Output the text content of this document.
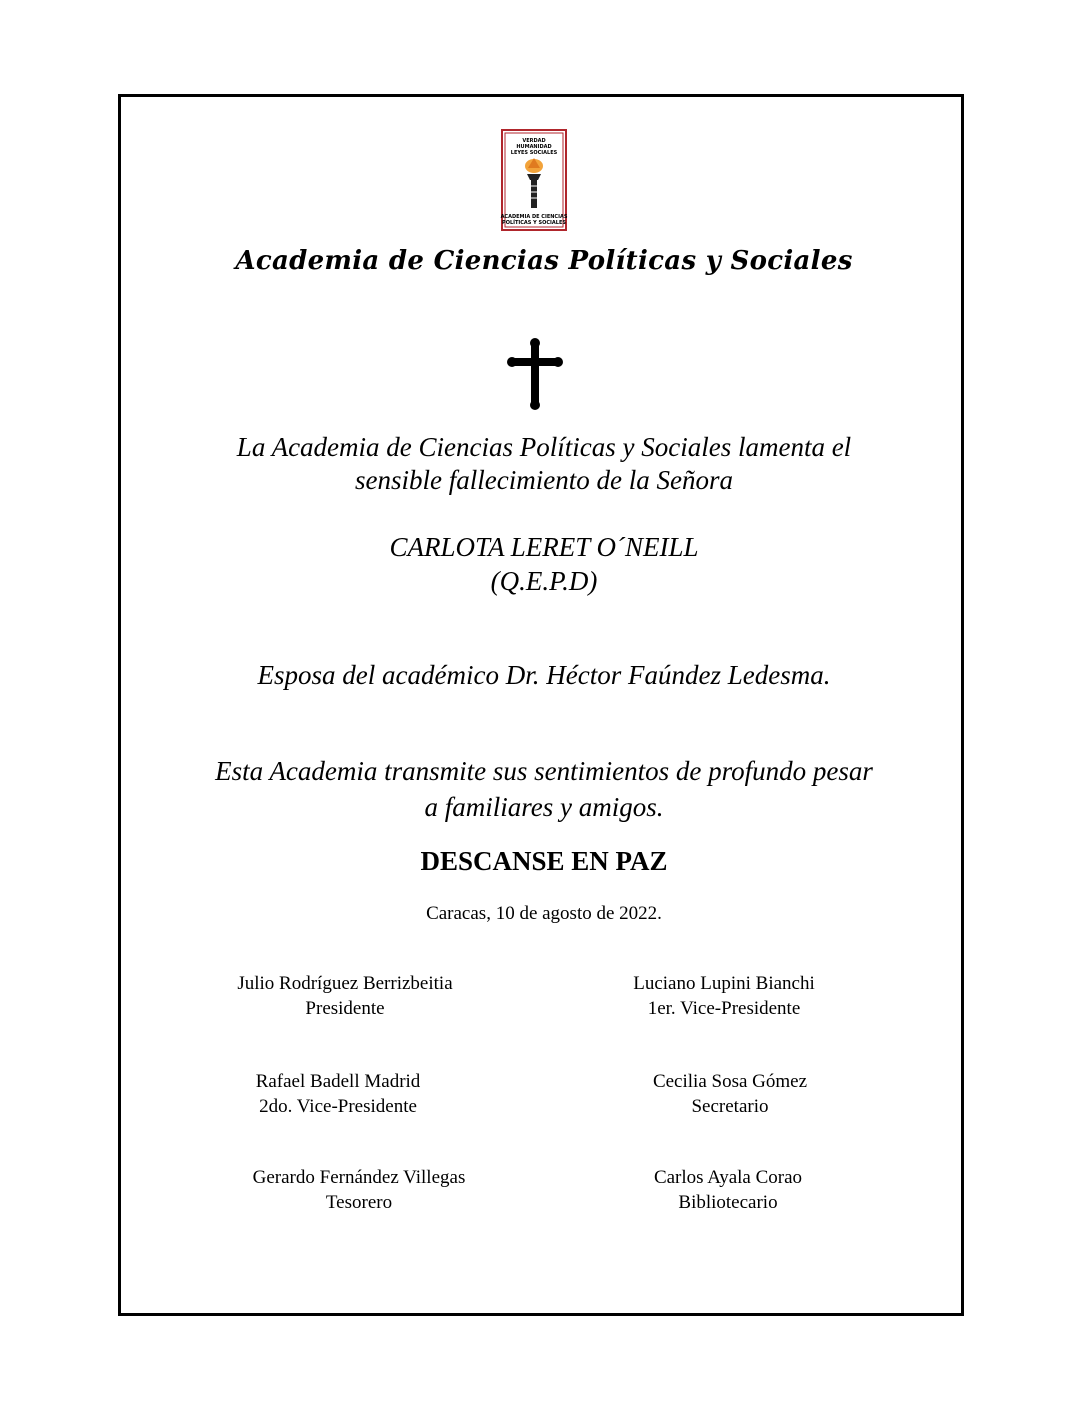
VERDAD
HUMANIDAD
LEYES SOCIALES
ACADEMIA DE CIENCIAS
POLÍTICAS Y SOCIALES
Academia de Ciencias Políticas y Sociales
La Academia de Ciencias Políticas y Sociales lamenta el
sensible fallecimiento de la Señora
CARLOTA LERET O´NEILL
(Q.E.P.D)
Esposa del académico Dr. Héctor Faúndez Ledesma.
Esta Academia transmite sus sentimientos de profundo pesar
a familiares y amigos.
DESCANSE EN PAZ
Caracas, 10 de agosto de 2022.
Julio Rodríguez Berrizbeitia
Presidente
Luciano Lupini Bianchi
1er. Vice-Presidente
Rafael Badell Madrid
2do. Vice-Presidente
Cecilia Sosa Gómez
Secretario
Gerardo Fernández Villegas
Tesorero
Carlos Ayala Corao
Bibliotecario
